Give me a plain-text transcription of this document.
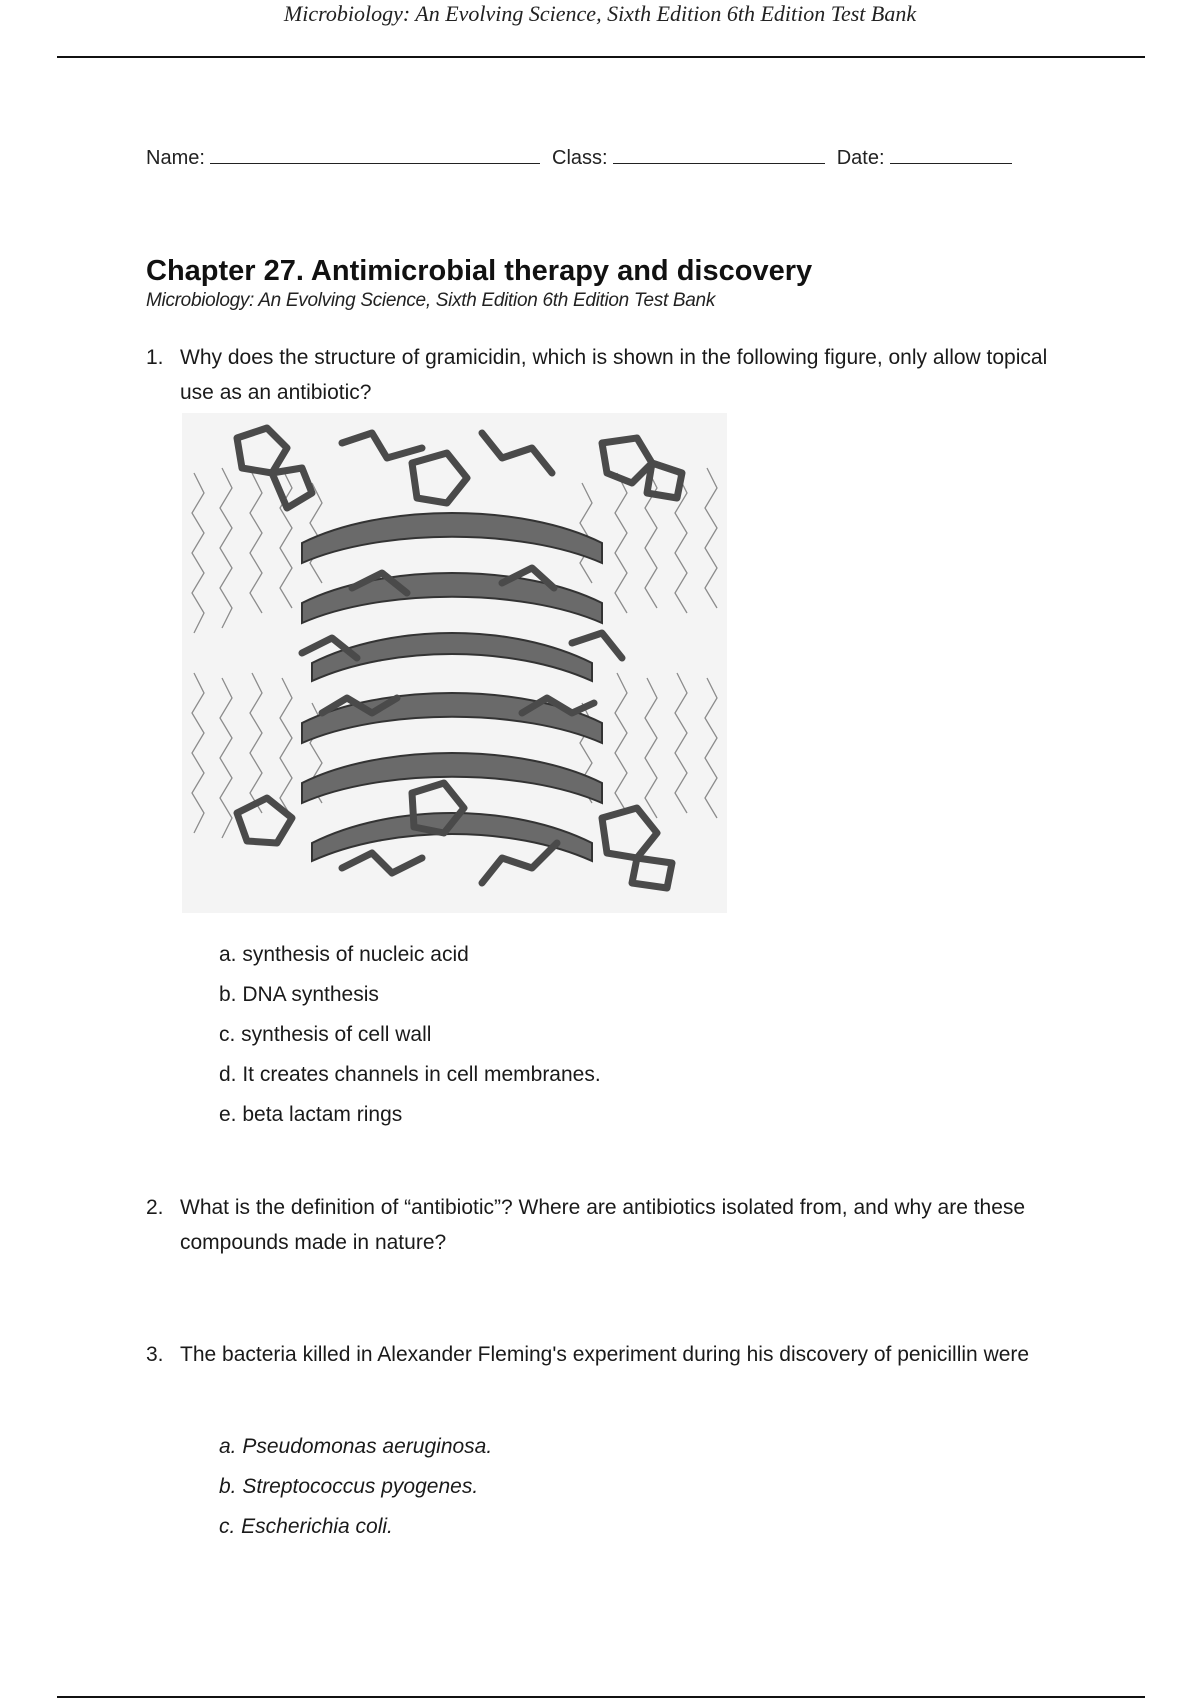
Microbiology: An Evolving Science, Sixth Edition 6th Edition Test Bank
Name:	Class:	Date:
Chapter 27. Antimicrobial therapy and discovery
Microbiology: An Evolving Science, Sixth Edition 6th Edition Test Bank
1. Why does the structure of gramicidin, which is shown in the following figure, only allow topical use as an antibiotic?
a. synthesis of nucleic acid
b. DNA synthesis
c. synthesis of cell wall
d. It creates channels in cell membranes.
e. beta lactam rings
2. What is the definition of “antibiotic”? Where are antibiotics isolated from, and why are these compounds made in nature?
3. The bacteria killed in Alexander Fleming's experiment during his discovery of penicillin were
a. Pseudomonas aeruginosa.
b. Streptococcus pyogenes.
c. Escherichia coli.
